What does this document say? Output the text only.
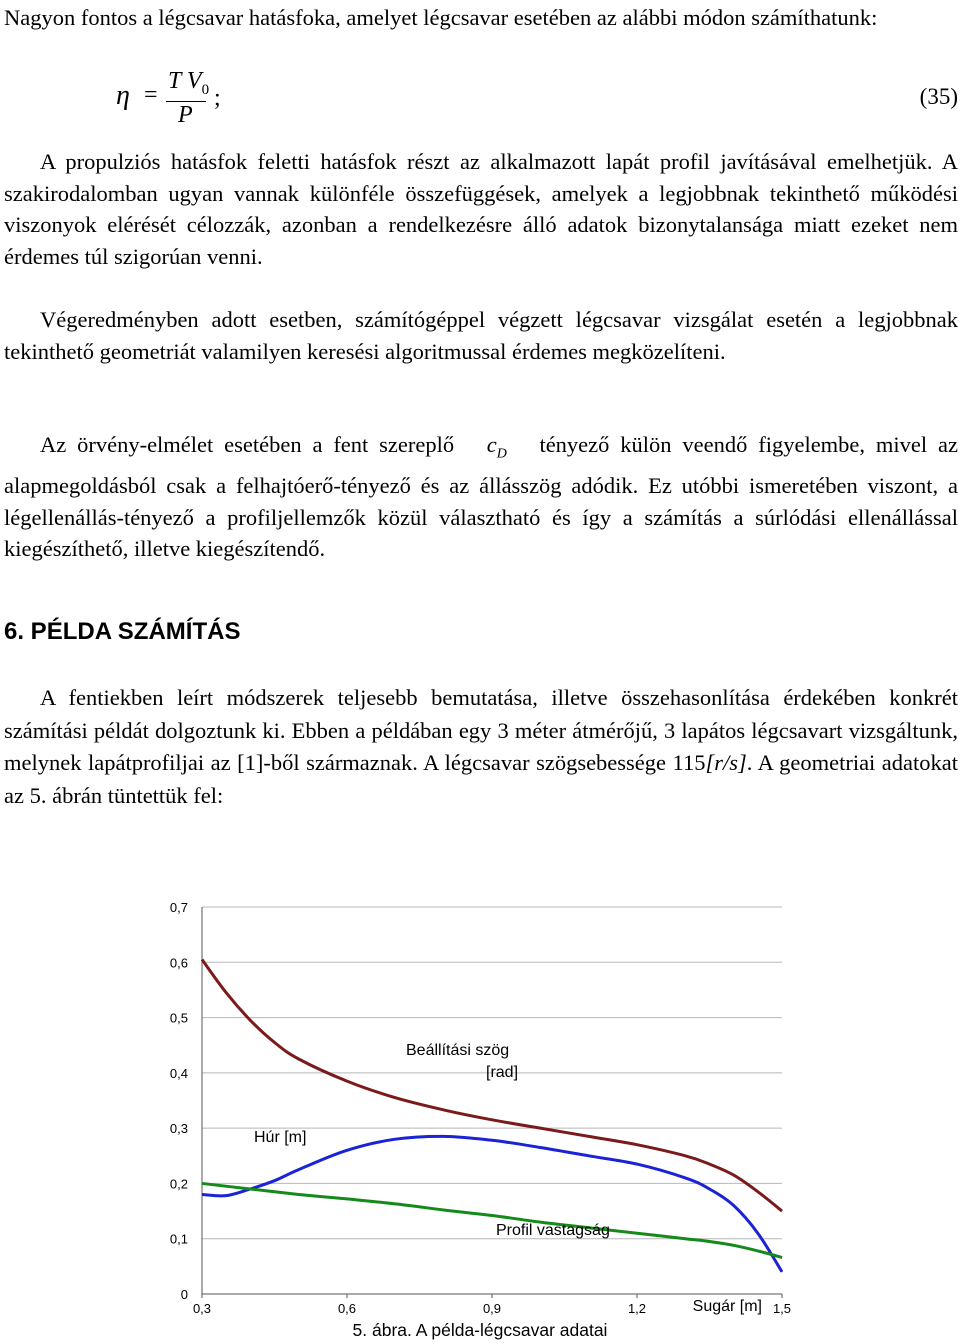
Nagyon fontos a légcsavar hatásfoka, amelyet légcsavar esetében az alábbi módon számíthatunk:

η =
T $V_0$
P
;	(35)

A propulziós hatásfok feletti hatásfok részt az alkalmazott lapát profil javításával emelhetjük. A szakirodalomban ugyan vannak különféle összefüggések, amelyek a legjobbnak tekinthető működési viszonyok elérését célozzák, azonban a rendelkezésre álló adatok bizonytalansága miatt ezeket nem érdemes túl szigorúan venni.

Végeredményben adott esetben, számítógéppel végzett légcsavar vizsgálat esetén a legjobbnak tekinthető geometriát valamilyen keresési algoritmussal érdemes megközelíteni.

Az örvény-elmélet esetében a fent szereplő $c_D$ tényező külön veendő figyelembe, mivel az alapmegoldásból csak a felhajtóerő-tényező és az állásszög adódik. Ez utóbbi ismeretében viszont, a légellenállás-tényező a profiljellemzők közül választható és így a számítás a súrlódási ellenállással kiegészíthető, illetve kiegészítendő.

6. PÉLDA SZÁMÍTÁS

A fentiekben leírt módszerek teljesebb bemutatása, illetve összehasonlítása érdekében konkrét számítási példát dolgoztunk ki. Ebben a példában egy 3 méter átmérőjű, 3 lapátos légcsavart vizsgáltunk, melynek lapátprofiljai az [1]-ből származnak. A légcsavar szögsebessége 115[r/s]. A geometriai adatokat az 5. ábrán tüntettük fel:

0
0,1
0,2
0,3
0,4
0,5
0,6
0,7
0,3	0,6	0,9	1,2	1,5
Beállítási szög
[rad]
Húr [m]
Profil vastagság
Sugár [m]
5. ábra. A példa-légcsavar adatai
